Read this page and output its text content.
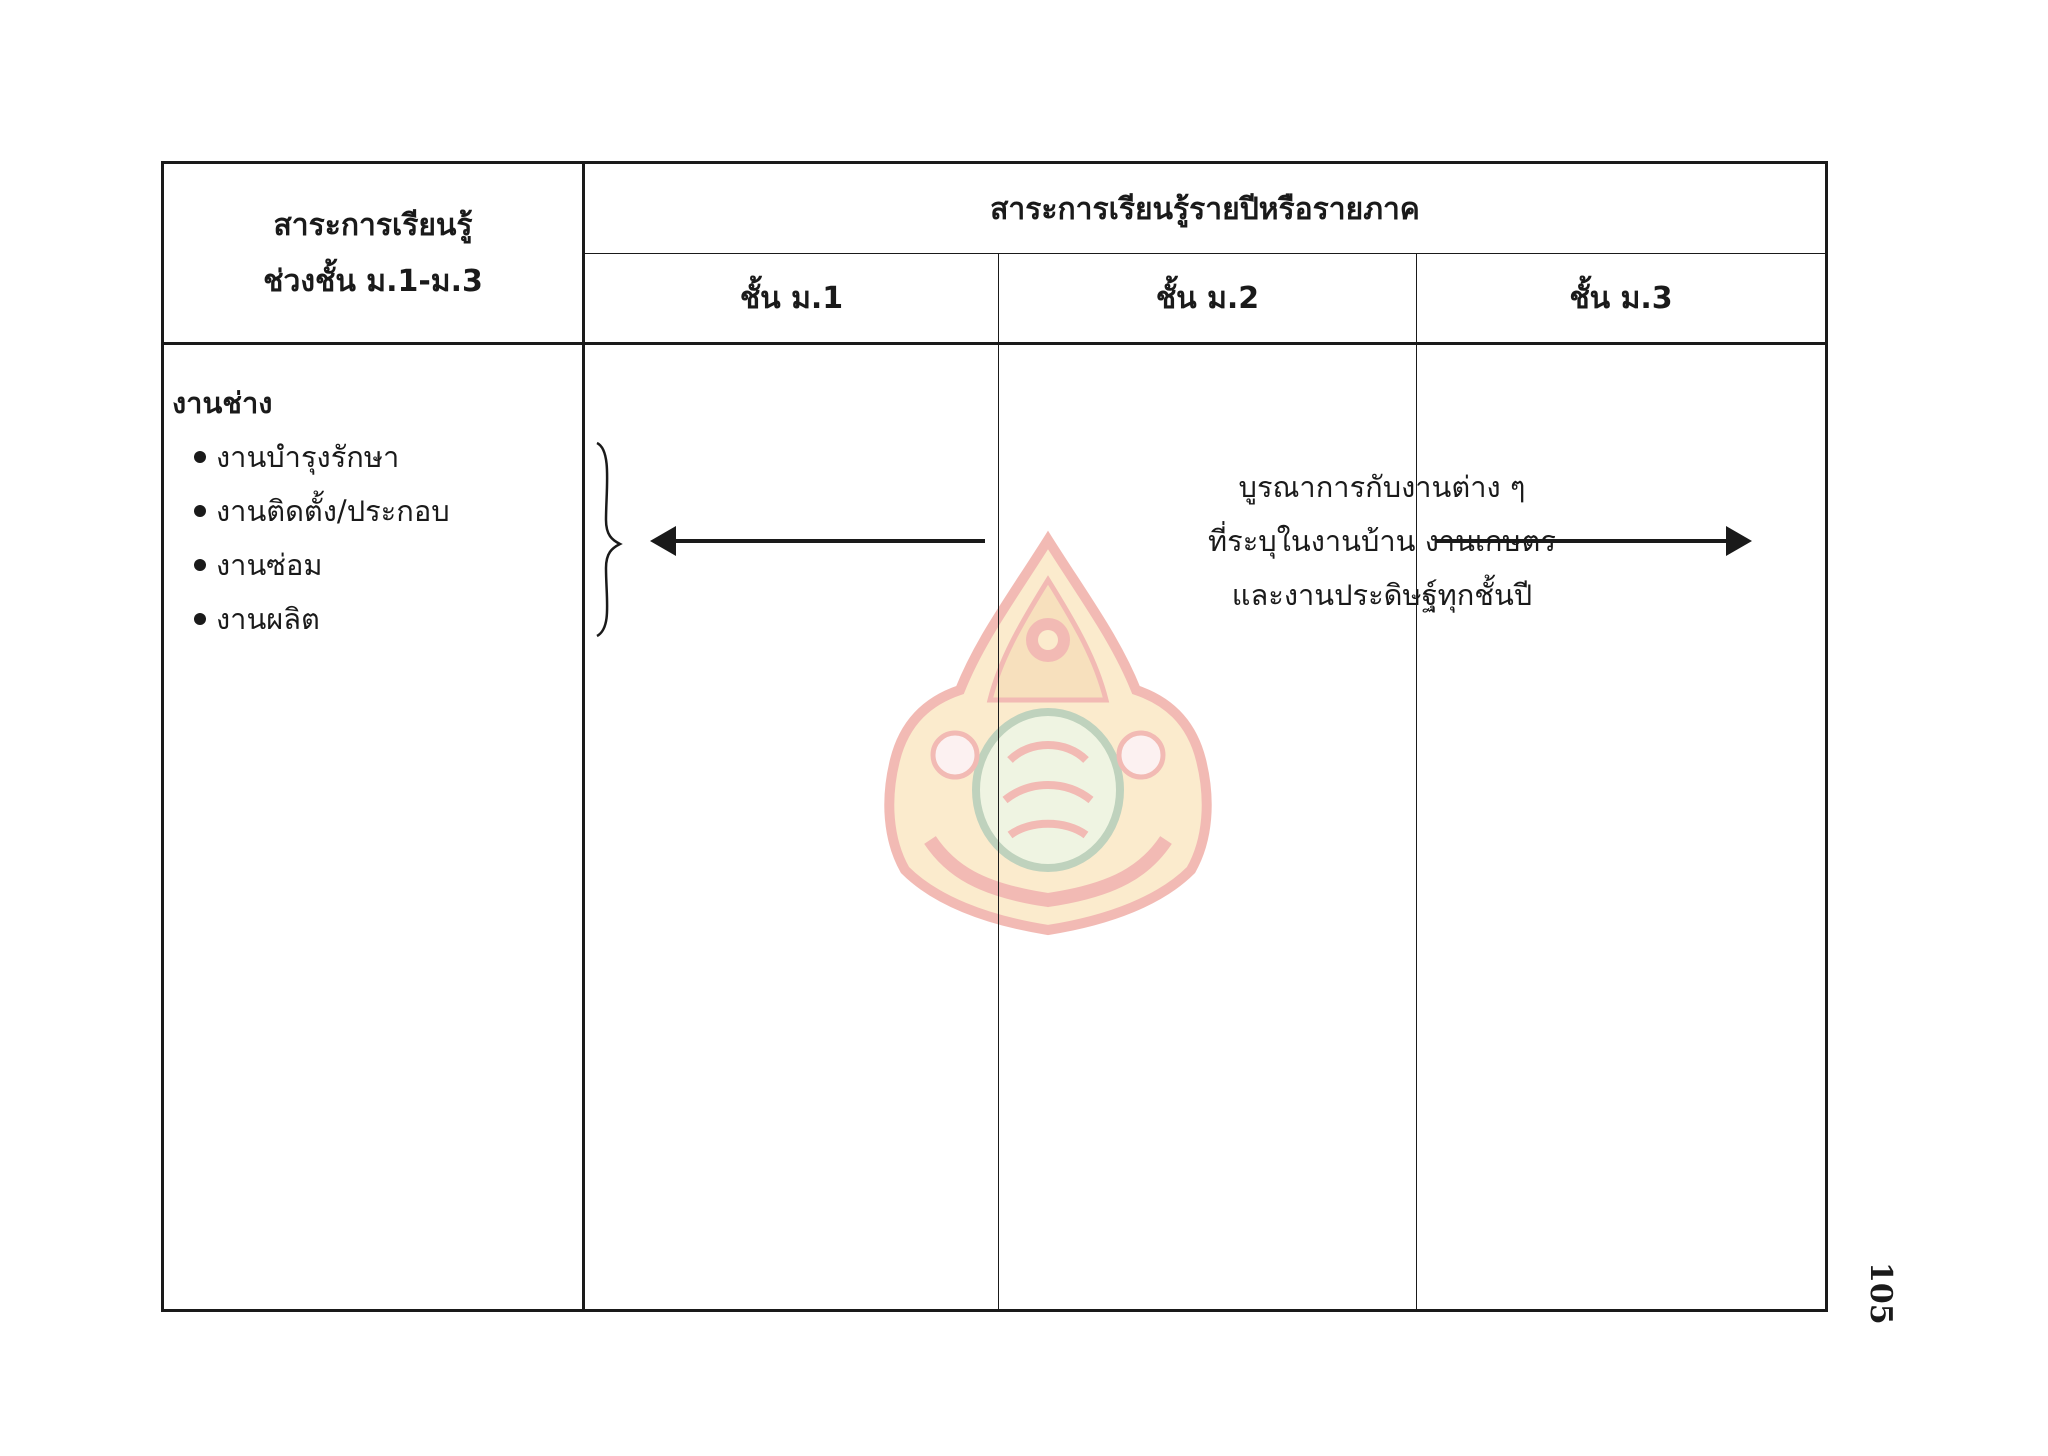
สาระการเรียนรู้
ช่วงชั้น ม.1-ม.3
สาระการเรียนรู้รายปีหรือรายภาค
ชั้น ม.1	ชั้น ม.2	ชั้น ม.3
งานช่าง
งานบำรุงรักษา
งานติดตั้ง/ประกอบ
งานซ่อม
งานผลิต
บูรณาการกับงานต่าง ๆ
ที่ระบุในงานบ้าน งานเกษตร
และงานประดิษฐ์ทุกชั้นปี
105
